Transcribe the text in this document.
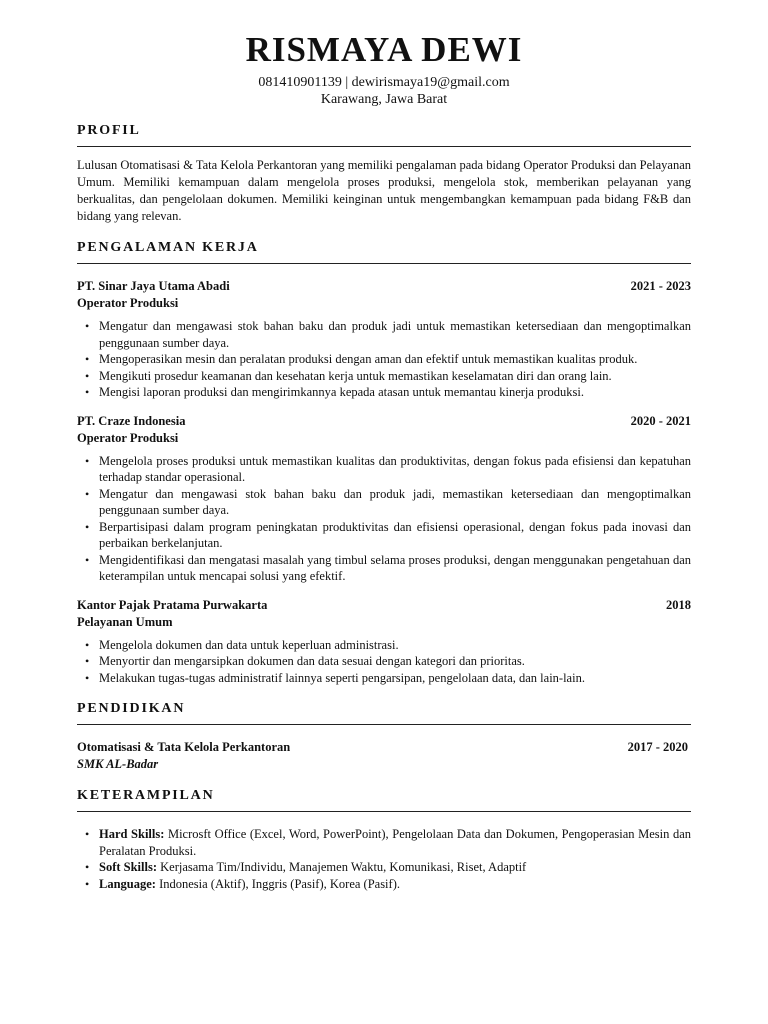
RISMAYA DEWI
081410901139 | dewirismaya19@gmail.com
Karawang, Jawa Barat
PROFIL
Lulusan Otomatisasi & Tata Kelola Perkantoran yang memiliki pengalaman pada bidang Operator Produksi dan Pelayanan Umum. Memiliki kemampuan dalam mengelola proses produksi, mengelola stok, memberikan pelayanan yang berkualitas, dan pengelolaan dokumen. Memiliki keinginan untuk mengembangkan kemampuan pada bidang F&B dan bidang yang relevan.
PENGALAMAN KERJA
PT. Sinar Jaya Utama Abadi	2021 - 2023
Operator Produksi
• Mengatur dan mengawasi stok bahan baku dan produk jadi untuk memastikan ketersediaan dan mengoptimalkan penggunaan sumber daya.
• Mengoperasikan mesin dan peralatan produksi dengan aman dan efektif untuk memastikan kualitas produk.
• Mengikuti prosedur keamanan dan kesehatan kerja untuk memastikan keselamatan diri dan orang lain.
• Mengisi laporan produksi dan mengirimkannya kepada atasan untuk memantau kinerja produksi.
PT. Craze Indonesia	2020 - 2021
Operator Produksi
• Mengelola proses produksi untuk memastikan kualitas dan produktivitas, dengan fokus pada efisiensi dan kepatuhan terhadap standar operasional.
• Mengatur dan mengawasi stok bahan baku dan produk jadi, memastikan ketersediaan dan mengoptimalkan penggunaan sumber daya.
• Berpartisipasi dalam program peningkatan produktivitas dan efisiensi operasional, dengan fokus pada inovasi dan perbaikan berkelanjutan.
• Mengidentifikasi dan mengatasi masalah yang timbul selama proses produksi, dengan menggunakan pengetahuan dan keterampilan untuk mencapai solusi yang efektif.
Kantor Pajak Pratama Purwakarta	2018
Pelayanan Umum
• Mengelola dokumen dan data untuk keperluan administrasi.
• Menyortir dan mengarsipkan dokumen dan data sesuai dengan kategori dan prioritas.
• Melakukan tugas-tugas administratif lainnya seperti pengarsipan, pengelolaan data, dan lain-lain.
PENDIDIKAN
Otomatisasi & Tata Kelola Perkantoran	2017 - 2020
SMK AL-Badar
KETERAMPILAN
• Hard Skills: Microsft Office (Excel, Word, PowerPoint), Pengelolaan Data dan Dokumen, Pengoperasian Mesin dan Peralatan Produksi.
• Soft Skills: Kerjasama Tim/Individu, Manajemen Waktu, Komunikasi, Riset, Adaptif
• Language: Indonesia (Aktif), Inggris (Pasif), Korea (Pasif).
